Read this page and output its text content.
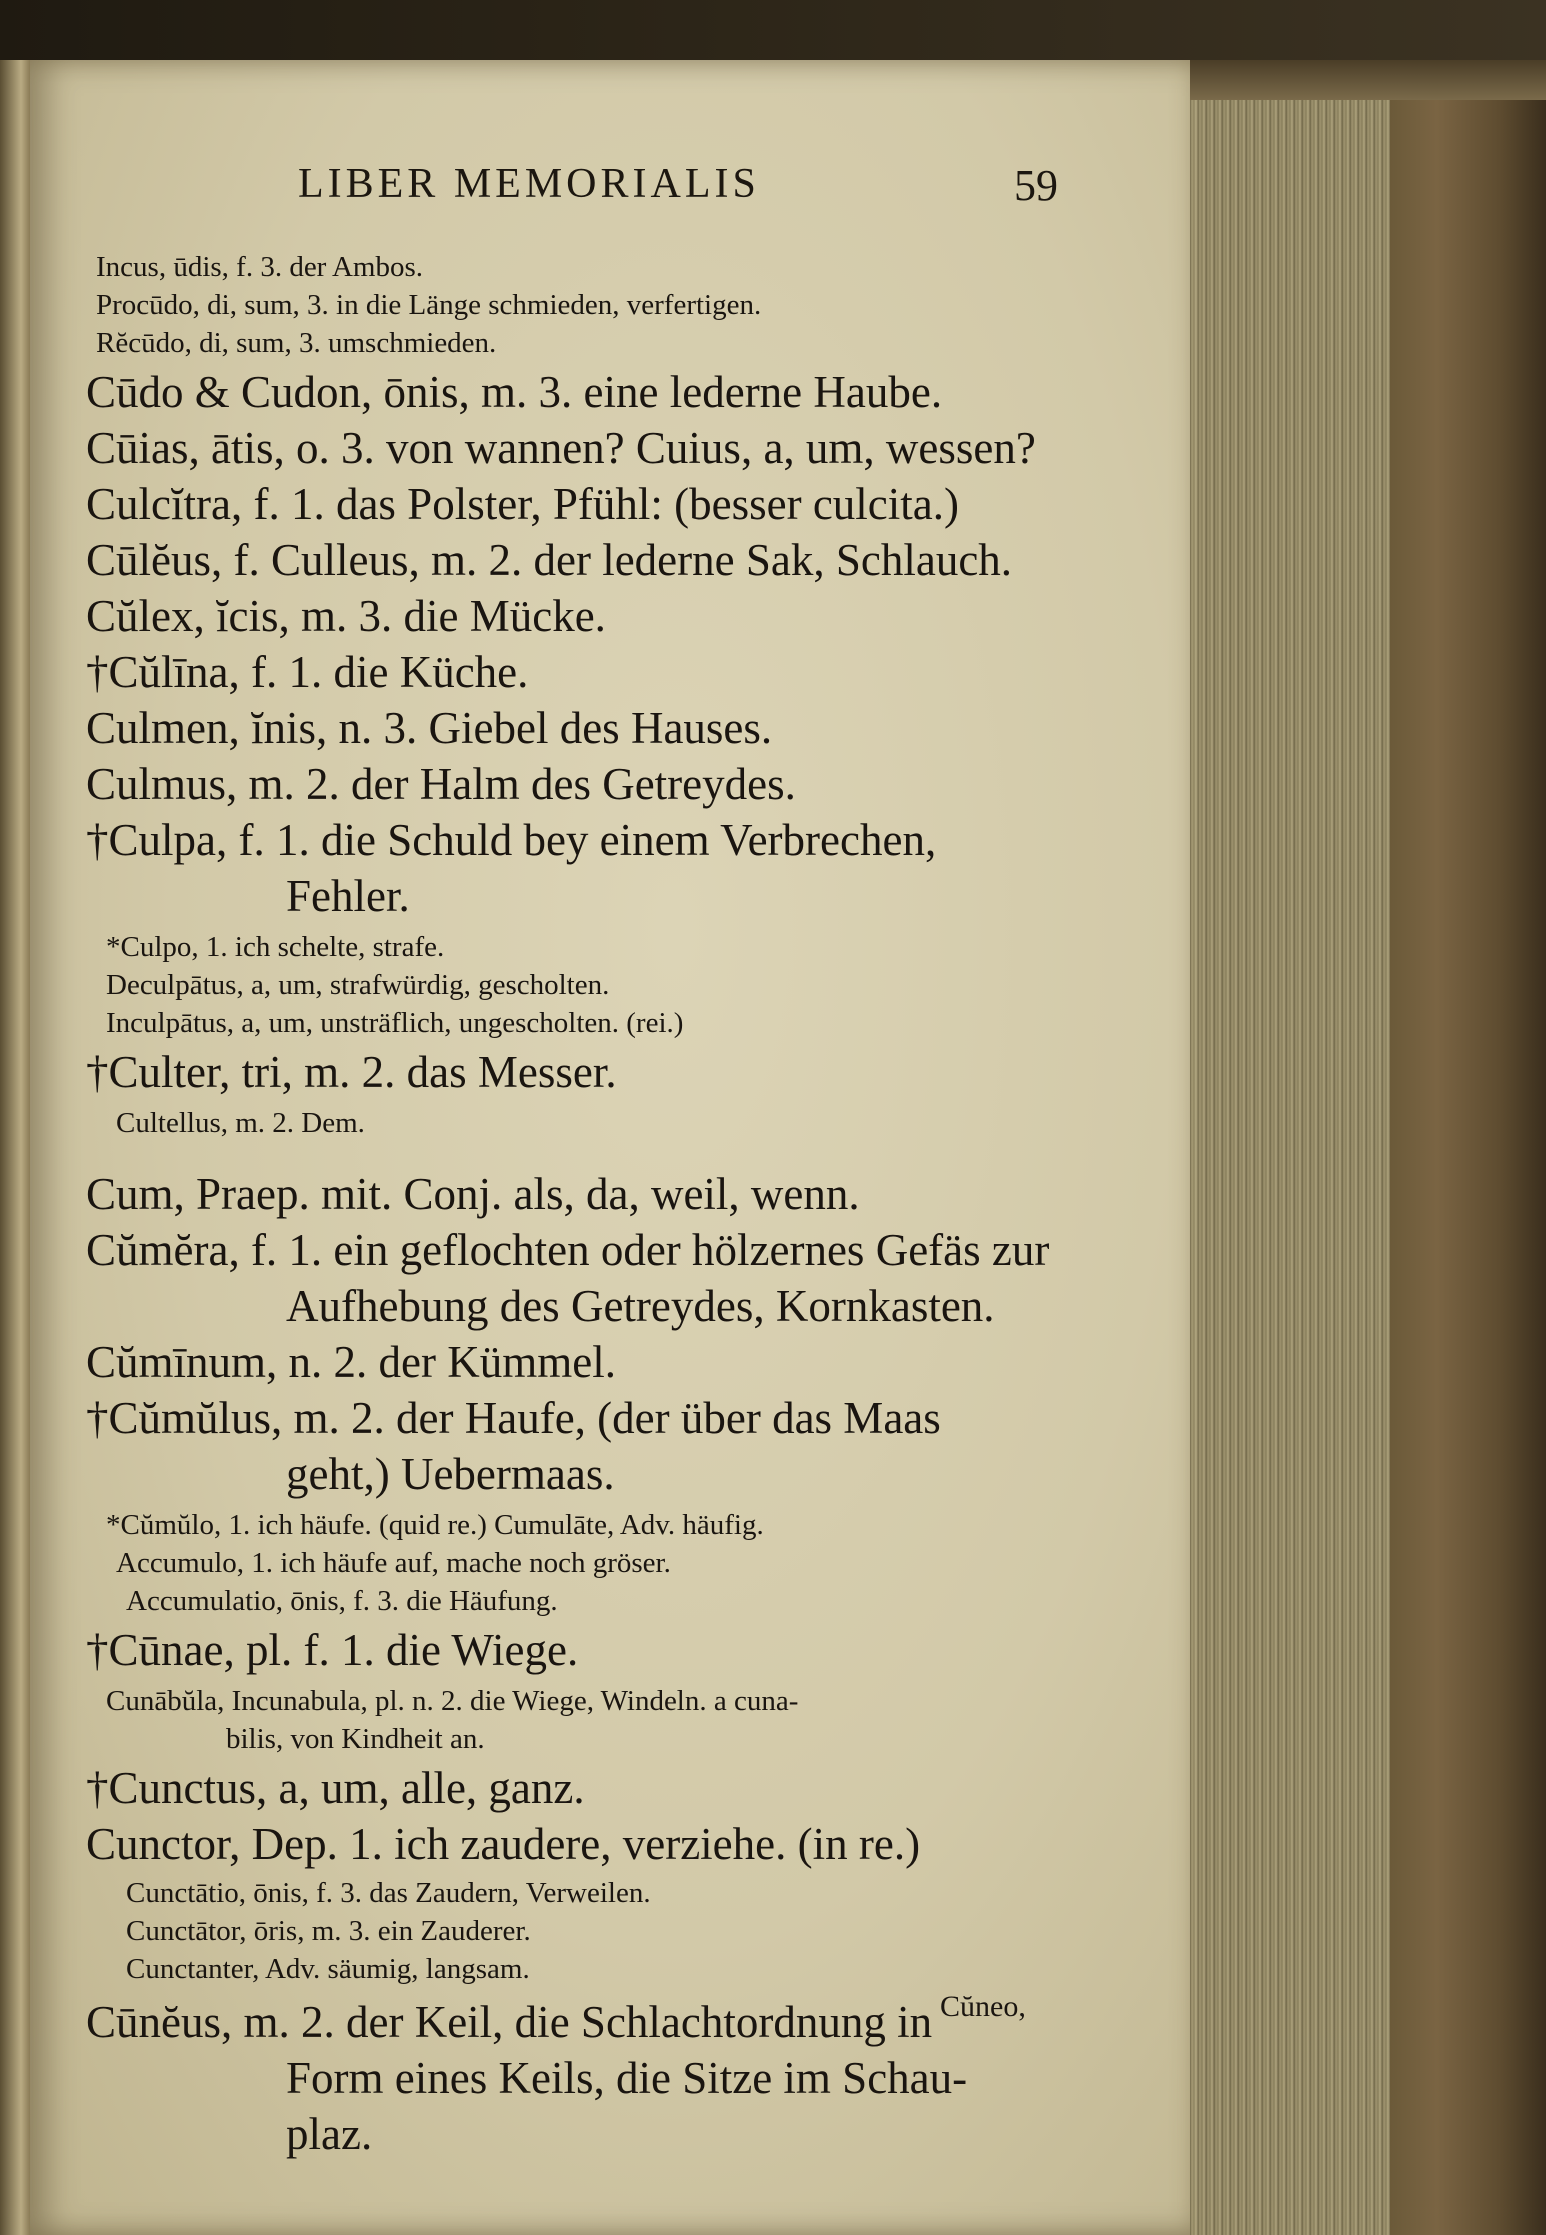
LIBER MEMORIALIS	59
Incus, ūdis, f. 3. der Ambos.
Procūdo, di, sum, 3. in die Länge schmieden, verfertigen.
Rĕcūdo, di, sum, 3. umschmieden.
Cūdo & Cudon, ōnis, m. 3. eine lederne Haube.
Cūias, ātis, o. 3. von wannen? Cuius, a, um, wessen?
Culcĭtra, f. 1. das Polster, Pfühl: (besser culcita.)
Cūlĕus, f. Culleus, m. 2. der lederne Sak, Schlauch.
Cŭlex, ĭcis, m. 3. die Mücke.
†Cŭlīna, f. 1. die Küche.
Culmen, ĭnis, n. 3. Giebel des Hauses.
Culmus, m. 2. der Halm des Getreydes.
†Culpa, f. 1. die Schuld bey einem Verbrechen,
Fehler.
*Culpo, 1. ich schelte, strafe.
Deculpātus, a, um, strafwürdig, gescholten.
Inculpātus, a, um, unsträflich, ungescholten. (rei.)
†Culter, tri, m. 2. das Messer.
Cultellus, m. 2. Dem.
Cum, Praep. mit. Conj. als, da, weil, wenn.
Cŭmĕra, f. 1. ein geflochten oder hölzernes Gefäs zur
Aufhebung des Getreydes, Kornkasten.
Cŭmīnum, n. 2. der Kümmel.
†Cŭmŭlus, m. 2. der Haufe, (der über das Maas
geht,) Uebermaas.
*Cŭmŭlo, 1. ich häufe. (quid re.) Cumulāte, Adv. häufig.
Accumulo, 1. ich häufe auf, mache noch gröser.
Accumulatio, ōnis, f. 3. die Häufung.
†Cūnae, pl. f. 1. die Wiege.
Cunābŭla, Incunabula, pl. n. 2. die Wiege, Windeln. a cuna-
bilis, von Kindheit an.
†Cunctus, a, um, alle, ganz.
Cunctor, Dep. 1. ich zaudere, verziehe. (in re.)
Cunctātio, ōnis, f. 3. das Zaudern, Verweilen.
Cunctātor, ōris, m. 3. ein Zauderer.
Cunctanter, Adv. säumig, langsam.
Cūnĕus, m. 2. der Keil, die Schlachtordnung in
Form eines Keils, die Sitze im Schau-
plaz.
Cŭneo,
